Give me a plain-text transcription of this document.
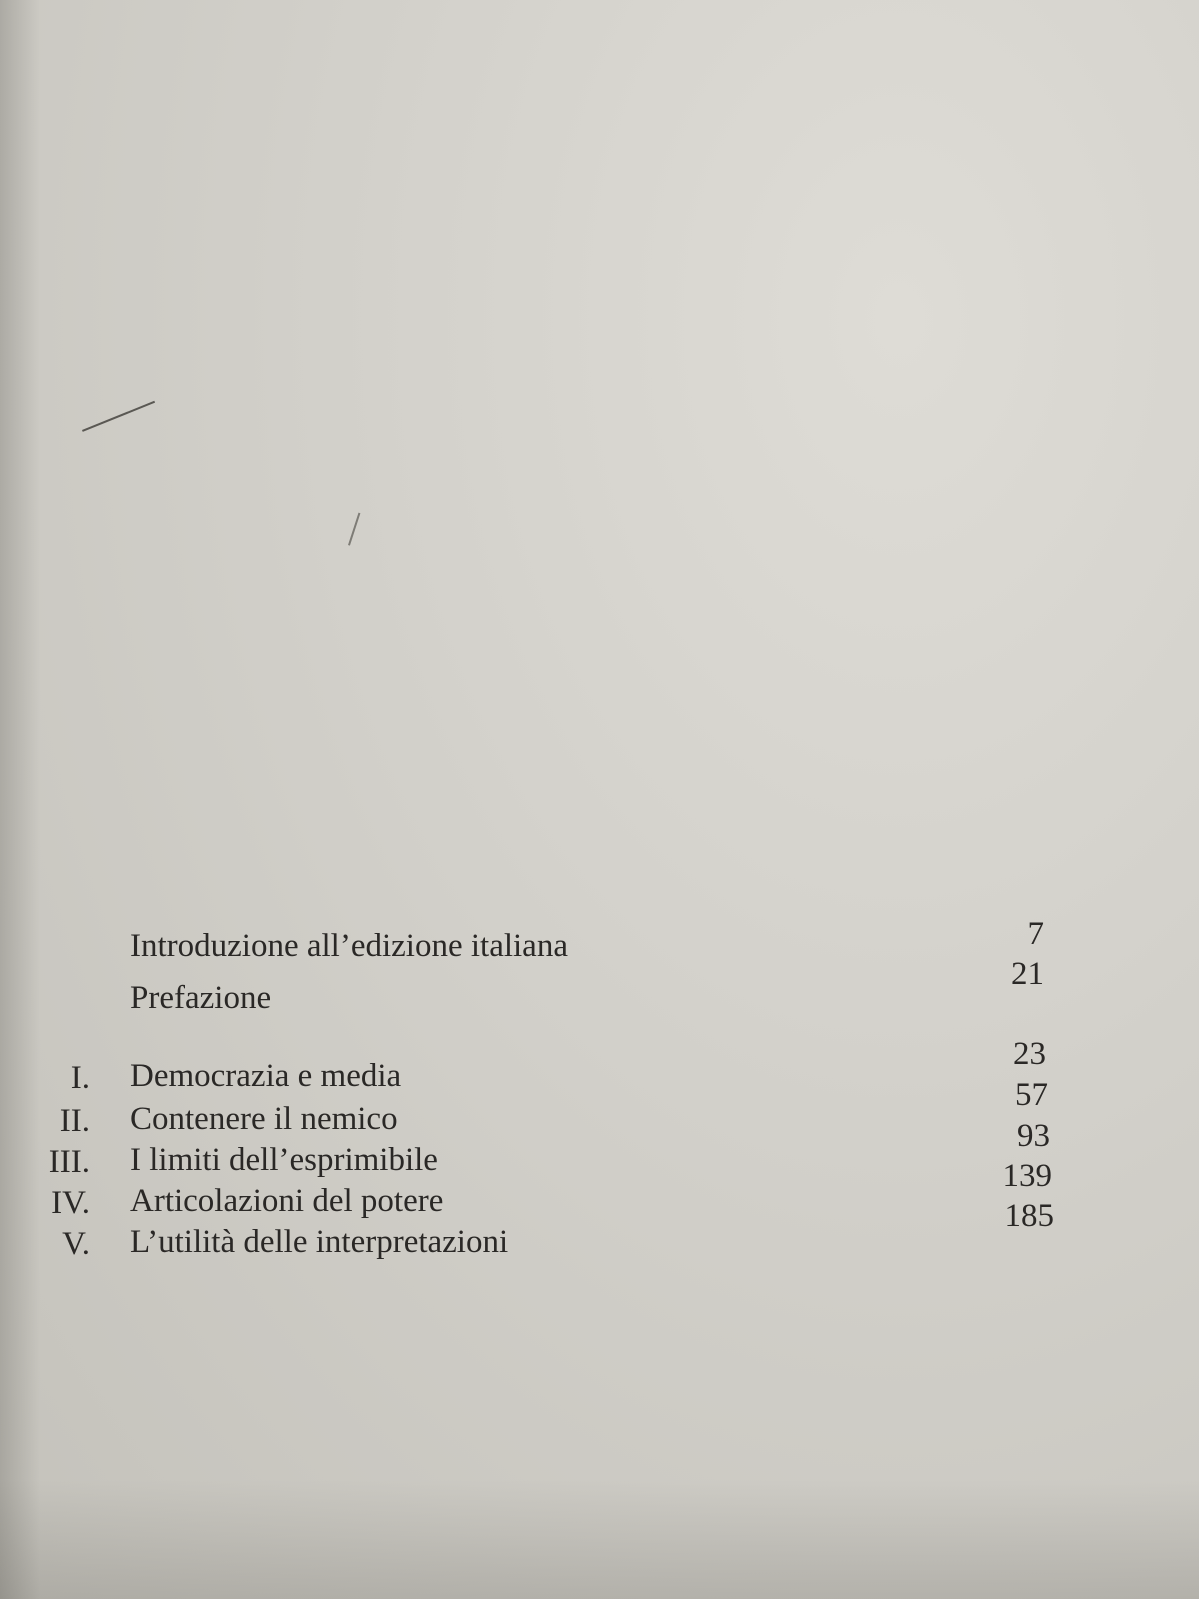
Introduzione all’edizione italiana	7
Prefazione
21
I. Democrazia e media
23
II. Contenere il nemico
57
III. I limiti dell’esprimibile
93
IV. Articolazioni del potere
139
V. L’utilità delle interpretazioni
185
